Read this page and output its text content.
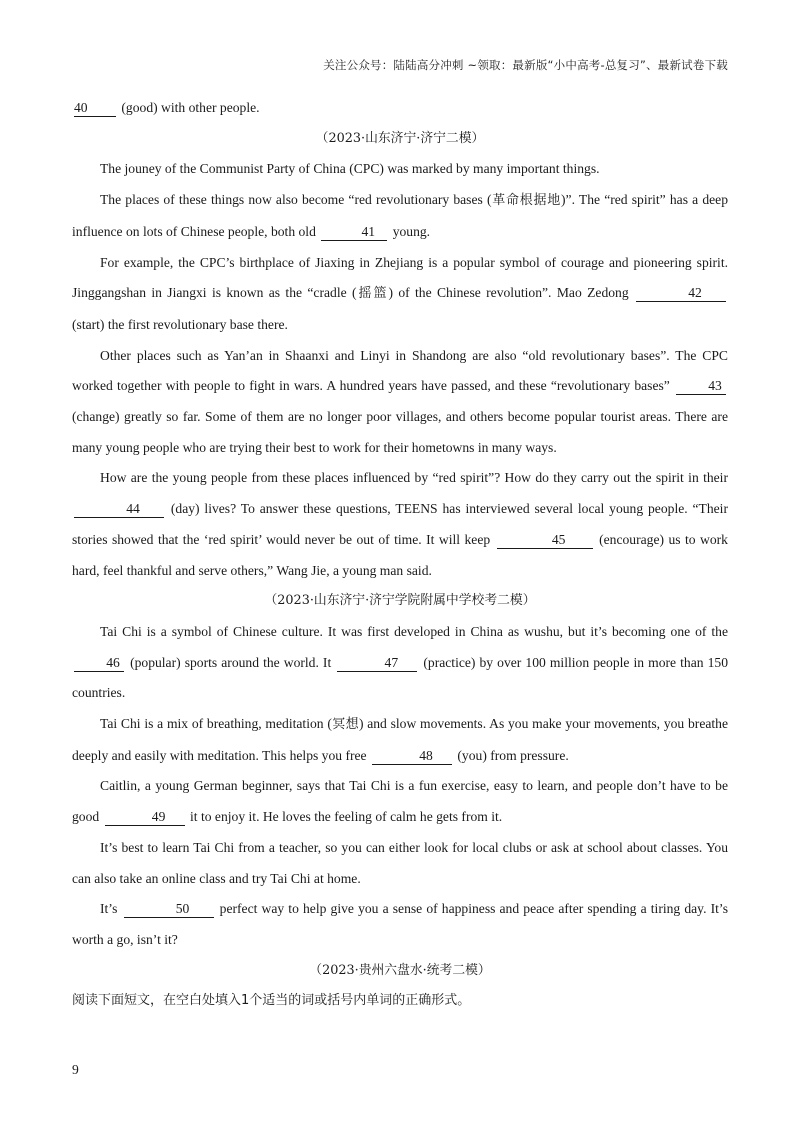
关注公众号：陆陆高分冲刺 ~领取：最新版“小中高考-总复习”、最新试卷下载

40 (good) with other people.

（2023·山东济宁·济宁二模）

The jouney of the Communist Party of China (CPC) was marked by many important things.

The places of these things now also become “red revolutionary bases (革命根据地)”. The “red spirit” has a deep influence on lots of Chinese people, both old	41 young.

For example, the CPC’s birthplace of Jiaxing in Zhejiang is a popular symbol of courage and pioneering spirit. Jinggangshan in Jiangxi is known as the “cradle (摇篮) of the Chinese revolution”. Mao Zedong	42 (start) the first revolutionary base there.

Other places such as Yan’an in Shaanxi and Linyi in Shandong are also “old revolutionary bases”. The CPC worked together with people to fight in wars. A hundred years have passed, and these “revolutionary bases”	43 (change) greatly so far. Some of them are no longer poor villages, and others become popular tourist areas. There are many young people who are trying their best to work for their hometowns in many ways.

How are the young people from these places influenced by “red spirit”? How do they carry out the spirit in their 44 (day) lives? To answer these questions, TEENS has interviewed several local young people. “Their stories showed that the ‘red spirit’ would never be out of time. It will keep	45 (encourage) us to work hard, feel thankful and serve others,” Wang Jie, a young man said.

（2023·山东济宁·济宁学院附属中学校考二模）

Tai Chi is a symbol of Chinese culture. It was first developed in China as wushu, but it’s becoming one of the 46 (popular) sports around the world. It	47 (practice) by over 100 million people in more than 150 countries.

Tai Chi is a mix of breathing, meditation (冥想) and slow movements. As you make your movements, you breathe deeply and easily with meditation. This helps you free	48 (you) from pressure.

Caitlin, a young German beginner, says that Tai Chi is a fun exercise, easy to learn, and people don’t have to be good	49 it to enjoy it. He loves the feeling of calm he gets from it.

It’s best to learn Tai Chi from a teacher, so you can either look for local clubs or ask at school about classes. You can also take an online class and try Tai Chi at home.

It’s	50 perfect way to help give you a sense of happiness and peace after spending a tiring day. It’s worth a go, isn’t it?

（2023·贵州六盘水·统考二模）

阅读下面短文，在空白处填入1个适当的词或括号内单词的正确形式。

9
